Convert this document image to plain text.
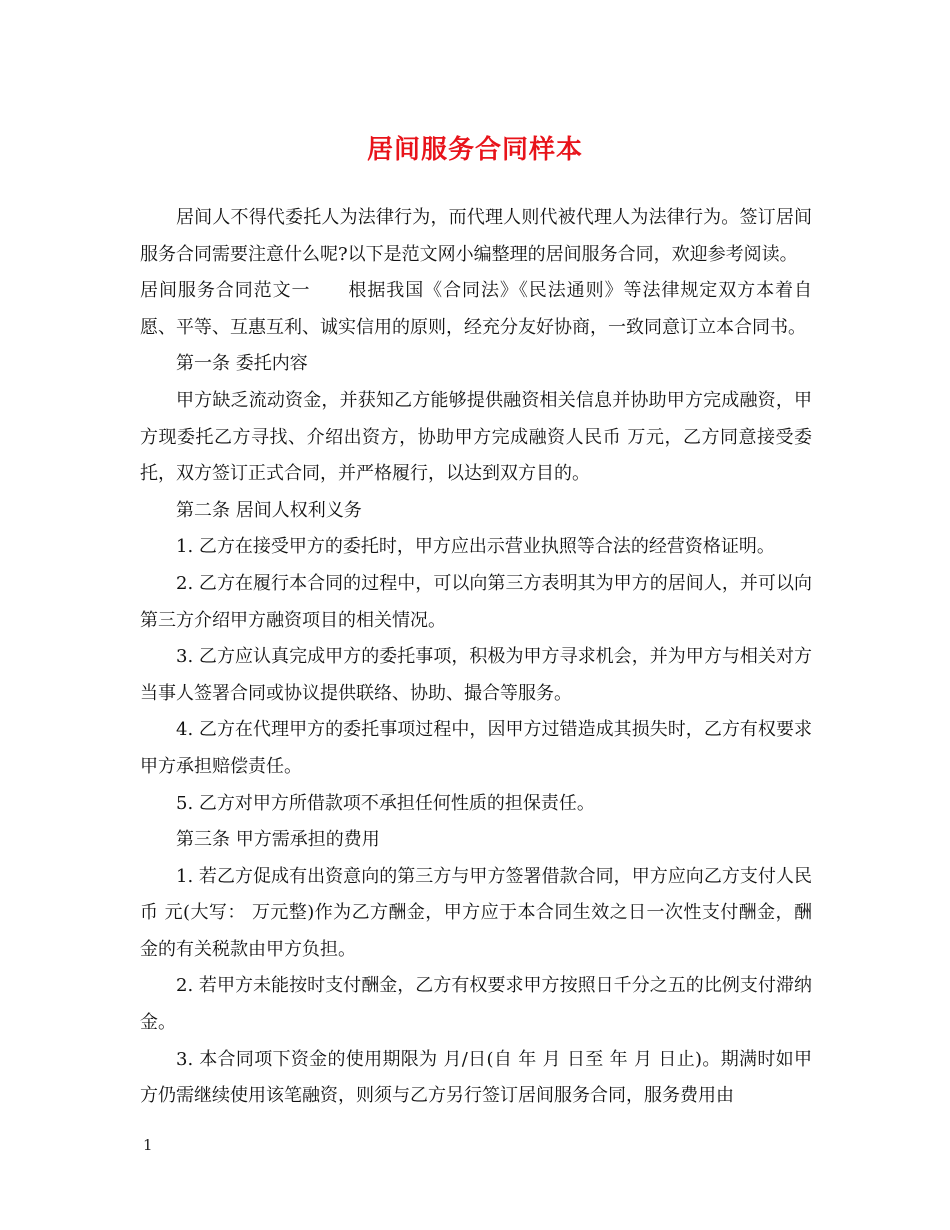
居间服务合同样本

居间人不得代委托人为法律行为，而代理人则代被代理人为法律行为。签订居间服务合同需要注意什么呢?以下是范文网小编整理的居间服务合同，欢迎参考阅读。

居间服务合同范文一　　根据我国《合同法》《民法通则》等法律规定双方本着自愿、平等、互惠互利、诚实信用的原则，经充分友好协商，一致同意订立本合同书。

第一条 委托内容

甲方缺乏流动资金，并获知乙方能够提供融资相关信息并协助甲方完成融资，甲方现委托乙方寻找、介绍出资方，协助甲方完成融资人民币 万元，乙方同意接受委托，双方签订正式合同，并严格履行，以达到双方目的。

第二条 居间人权利义务

1. 乙方在接受甲方的委托时，甲方应出示营业执照等合法的经营资格证明。

2. 乙方在履行本合同的过程中，可以向第三方表明其为甲方的居间人，并可以向第三方介绍甲方融资项目的相关情况。

3. 乙方应认真完成甲方的委托事项，积极为甲方寻求机会，并为甲方与相关对方当事人签署合同或协议提供联络、协助、撮合等服务。

4. 乙方在代理甲方的委托事项过程中，因甲方过错造成其损失时，乙方有权要求甲方承担赔偿责任。

5. 乙方对甲方所借款项不承担任何性质的担保责任。

第三条 甲方需承担的费用

1. 若乙方促成有出资意向的第三方与甲方签署借款合同，甲方应向乙方支付人民币 元(大写： 万元整)作为乙方酬金，甲方应于本合同生效之日一次性支付酬金，酬金的有关税款由甲方负担。

2. 若甲方未能按时支付酬金，乙方有权要求甲方按照日千分之五的比例支付滞纳金。

3. 本合同项下资金的使用期限为 月/日(自 年 月 日至 年 月 日止)。期满时如甲方仍需继续使用该笔融资，则须与乙方另行签订居间服务合同，服务费用由

1
